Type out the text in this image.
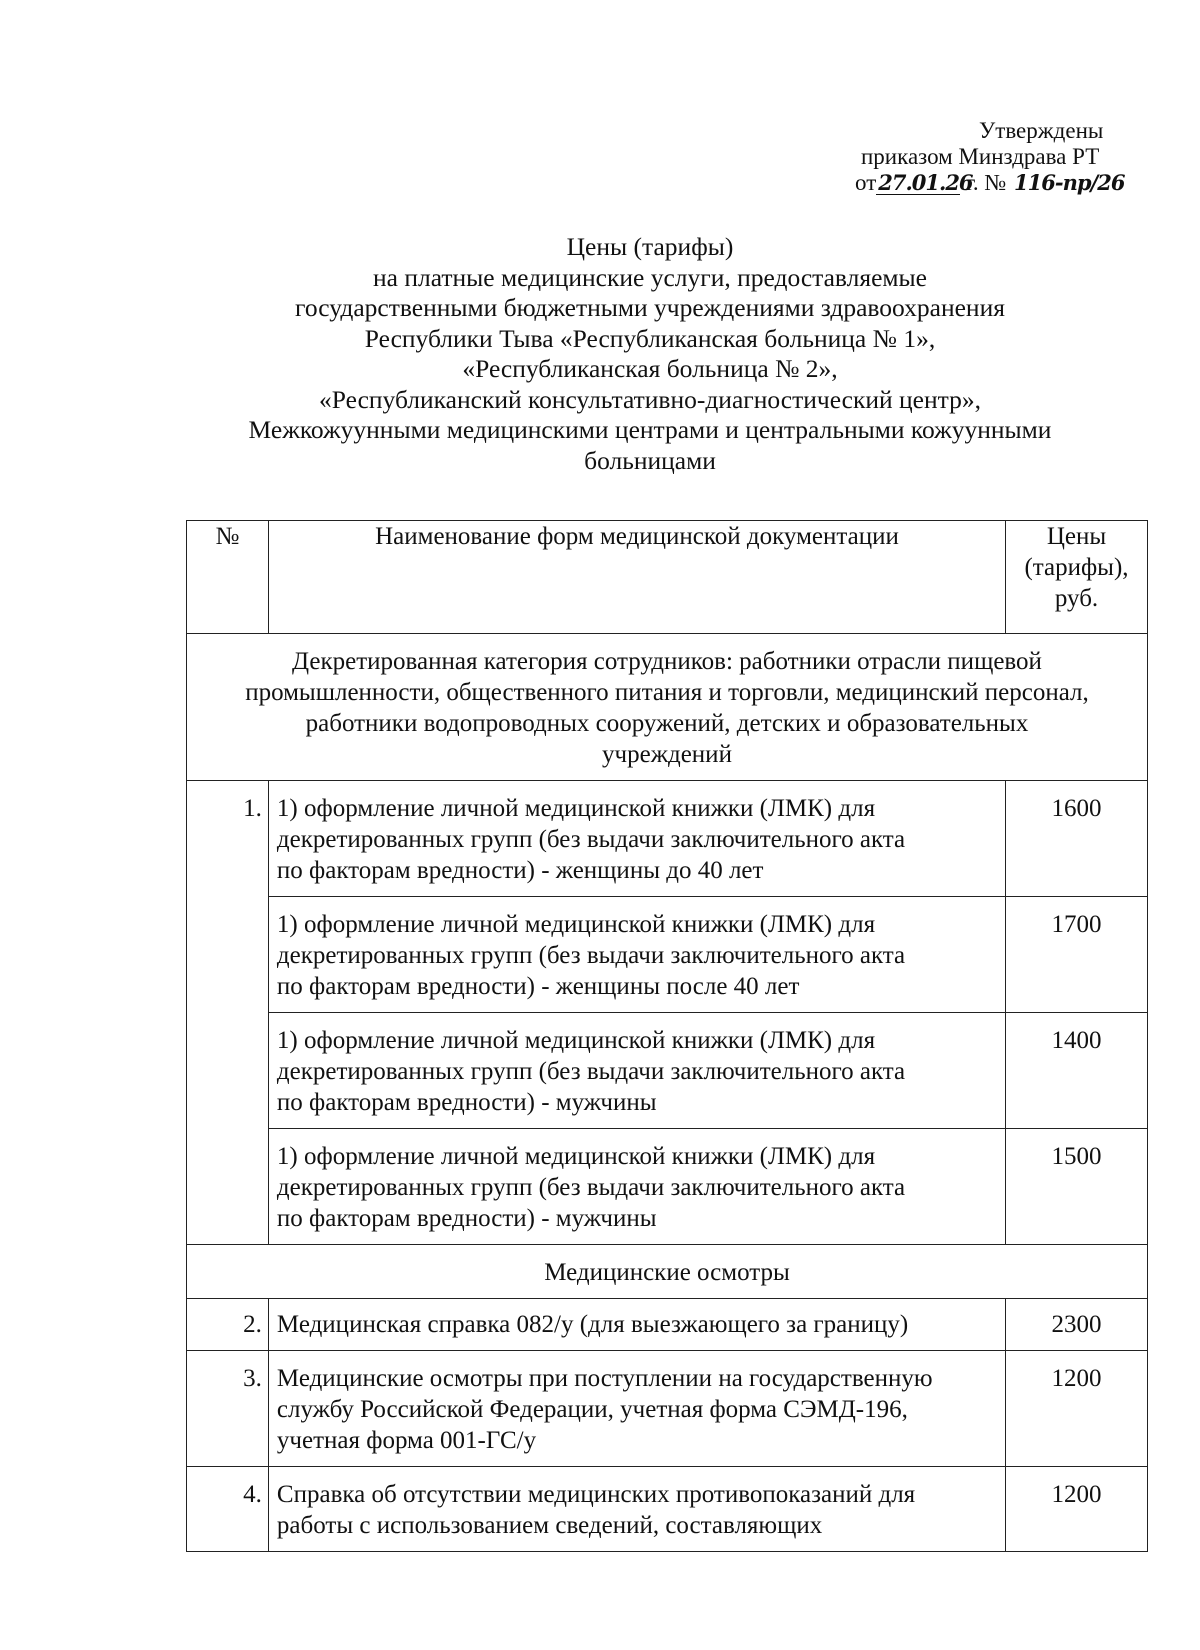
Утверждены
приказом Минздрава РТ
от27.01.26 г. № 116-пр/26
Цены (тарифы)
на платные медицинские услуги, предоставляемые
государственными бюджетными учреждениями здравоохранения
Республики Тыва «Республиканская больница № 1»,
«Республиканская больница № 2»,
«Республиканский консультативно-диагностический центр»,
Межкожуунными медицинскими центрами и центральными кожуунными
больницами
№	Наименование форм медицинской документации	Цены
(тарифы),
руб.

Декретированная категория сотрудников: работники отрасли пищевой
промышленности, общественного питания и торговли, медицинский персонал,
работники водопроводных сооружений, детских и образовательных
учреждений		

1.	1) оформление личной медицинской книжки (ЛМК) для
декретированных групп (без выдачи заключительного акта
по факторам вредности) - женщины до 40 лет	1600

	1) оформление личной медицинской книжки (ЛМК) для
декретированных групп (без выдачи заключительного акта
по факторам вредности) - женщины после 40 лет	1700

	1) оформление личной медицинской книжки (ЛМК) для
декретированных групп (без выдачи заключительного акта
по факторам вредности) - мужчины	1400

	1) оформление личной медицинской книжки (ЛМК) для
декретированных групп (без выдачи заключительного акта
по факторам вредности) - мужчины	1500
Медицинские осмотры		
2.	Медицинская справка 082/у (для выезжающего за границу)	2300
3.	Медицинские осмотры при поступлении на государственную
службу Российской Федерации, учетная форма СЭМД-196,
учетная форма 001-ГС/у	1200
4.	Справка об отсутствии медицинских противопоказаний для
работы с использованием сведений, составляющих	1200
